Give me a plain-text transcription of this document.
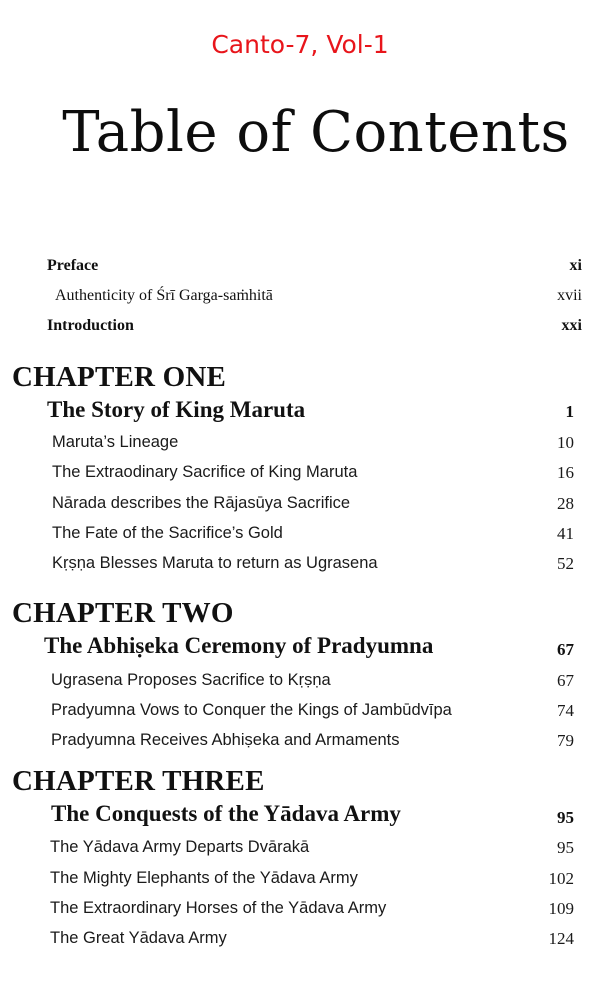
Canto-7, Vol-1
Table of Contents
Preface	xi
Authenticity of Śrī Garga-saṁhitā	xvii
Introduction	xxi
CHAPTER ONE
The Story of King Maruta	1
Maruta’s Lineage	10
The Extraodinary Sacrifice of King Maruta	16
Nārada describes the Rājasūya Sacrifice	28
The Fate of the Sacrifice’s Gold	41
Kṛṣṇa Blesses Maruta to return as Ugrasena	52
CHAPTER TWO
The Abhiṣeka Ceremony of Pradyumna	67
Ugrasena Proposes Sacrifice to Kṛṣṇa	67
Pradyumna Vows to Conquer the Kings of Jambūdvīpa	74
Pradyumna Receives Abhiṣeka and Armaments	79
CHAPTER THREE
The Conquests of the Yādava Army	95
The Yādava Army Departs Dvārakā	95
The Mighty Elephants of the Yādava Army	102
The Extraordinary Horses of the Yādava Army	109
The Great Yādava Army	124
